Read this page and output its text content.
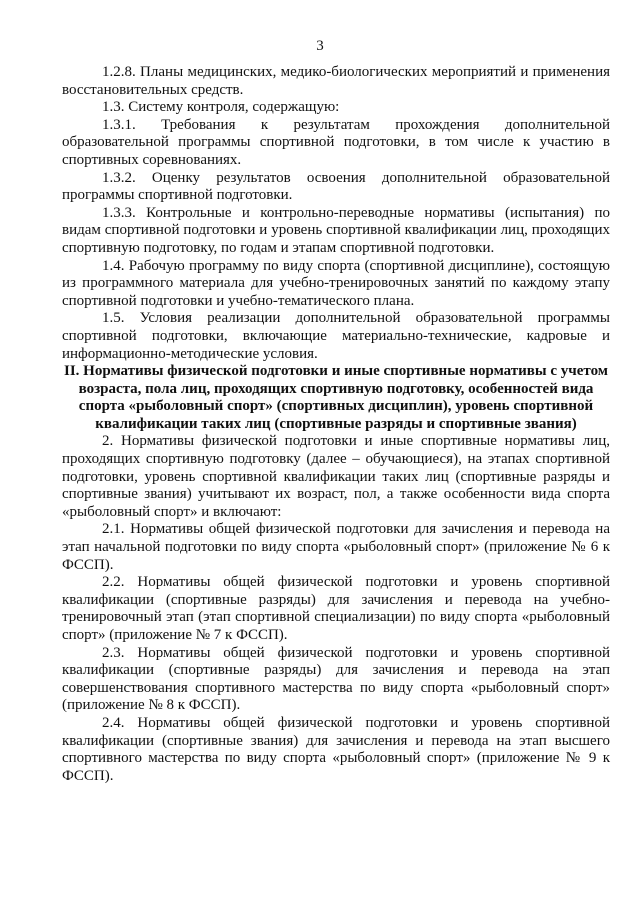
3

1.2.8. Планы медицинских, медико-биологических мероприятий и применения восстановительных средств.

1.3. Систему контроля, содержащую:

1.3.1. Требования к результатам прохождения дополнительной образовательной программы спортивной подготовки, в том числе к участию в спортивных соревнованиях.

1.3.2. Оценку результатов освоения дополнительной образовательной программы спортивной подготовки.

1.3.3. Контрольные и контрольно-переводные нормативы (испытания) по видам спортивной подготовки и уровень спортивной квалификации лиц, проходящих спортивную подготовку, по годам и этапам спортивной подготовки.

1.4. Рабочую программу по виду спорта (спортивной дисциплине), состоящую из программного материала для учебно-тренировочных занятий по каждому этапу спортивной подготовки и учебно-тематического плана.

1.5. Условия реализации дополнительной образовательной программы спортивной подготовки, включающие материально-технические, кадровые и информационно-методические условия.

II. Нормативы физической подготовки и иные спортивные нормативы с учетом возраста, пола лиц, проходящих спортивную подготовку, особенностей вида спорта «рыболовный спорт» (спортивных дисциплин), уровень спортивной квалификации таких лиц (спортивные разряды и спортивные звания)

2. Нормативы физической подготовки и иные спортивные нормативы лиц, проходящих спортивную подготовку (далее – обучающиеся), на этапах спортивной подготовки, уровень спортивной квалификации таких лиц (спортивные разряды и спортивные звания) учитывают их возраст, пол, а также особенности вида спорта «рыболовный спорт» и включают:

2.1. Нормативы общей физической подготовки для зачисления и перевода на этап начальной подготовки по виду спорта «рыболовный спорт» (приложение № 6 к ФССП).

2.2. Нормативы общей физической подготовки и уровень спортивной квалификации (спортивные разряды) для зачисления и перевода на учебно-тренировочный этап (этап спортивной специализации) по виду спорта «рыболовный спорт» (приложение № 7 к ФССП).

2.3. Нормативы общей физической подготовки и уровень спортивной квалификации (спортивные разряды) для зачисления и перевода на этап совершенствования спортивного мастерства по виду спорта «рыболовный спорт» (приложение № 8 к ФССП).

2.4. Нормативы общей физической подготовки и уровень спортивной квалификации (спортивные звания) для зачисления и перевода на этап высшего спортивного мастерства по виду спорта «рыболовный спорт» (приложение № 9 к ФССП).
